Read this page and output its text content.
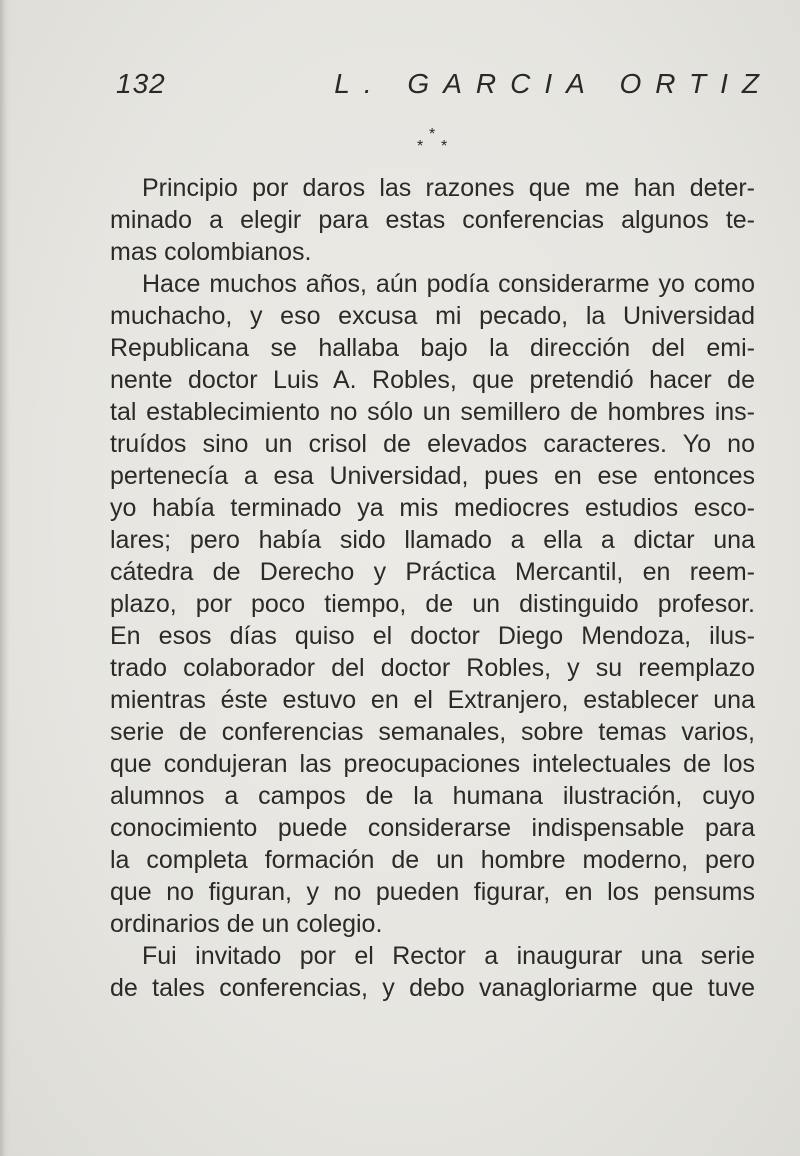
132	L. GARCIA ORTIZ
*
* *
Principio por daros las razones que me han deter-
minado a elegir para estas conferencias algunos te-
mas colombianos.
Hace muchos años, aún podía considerarme yo como
muchacho, y eso excusa mi pecado, la Universidad
Republicana se hallaba bajo la dirección del emi-
nente doctor Luis A. Robles, que pretendió hacer de
tal establecimiento no sólo un semillero de hombres ins-
truídos sino un crisol de elevados caracteres. Yo no
pertenecía a esa Universidad, pues en ese entonces
yo había terminado ya mis mediocres estudios esco-
lares; pero había sido llamado a ella a dictar una
cátedra de Derecho y Práctica Mercantil, en reem-
plazo, por poco tiempo, de un distinguido profesor.
En esos días quiso el doctor Diego Mendoza, ilus-
trado colaborador del doctor Robles, y su reemplazo
mientras éste estuvo en el Extranjero, establecer una
serie de conferencias semanales, sobre temas varios,
que condujeran las preocupaciones intelectuales de los
alumnos a campos de la humana ilustración, cuyo
conocimiento puede considerarse indispensable para
la completa formación de un hombre moderno, pero
que no figuran, y no pueden figurar, en los pensums
ordinarios de un colegio.
Fui invitado por el Rector a inaugurar una serie
de tales conferencias, y debo vanagloriarme que tuve
